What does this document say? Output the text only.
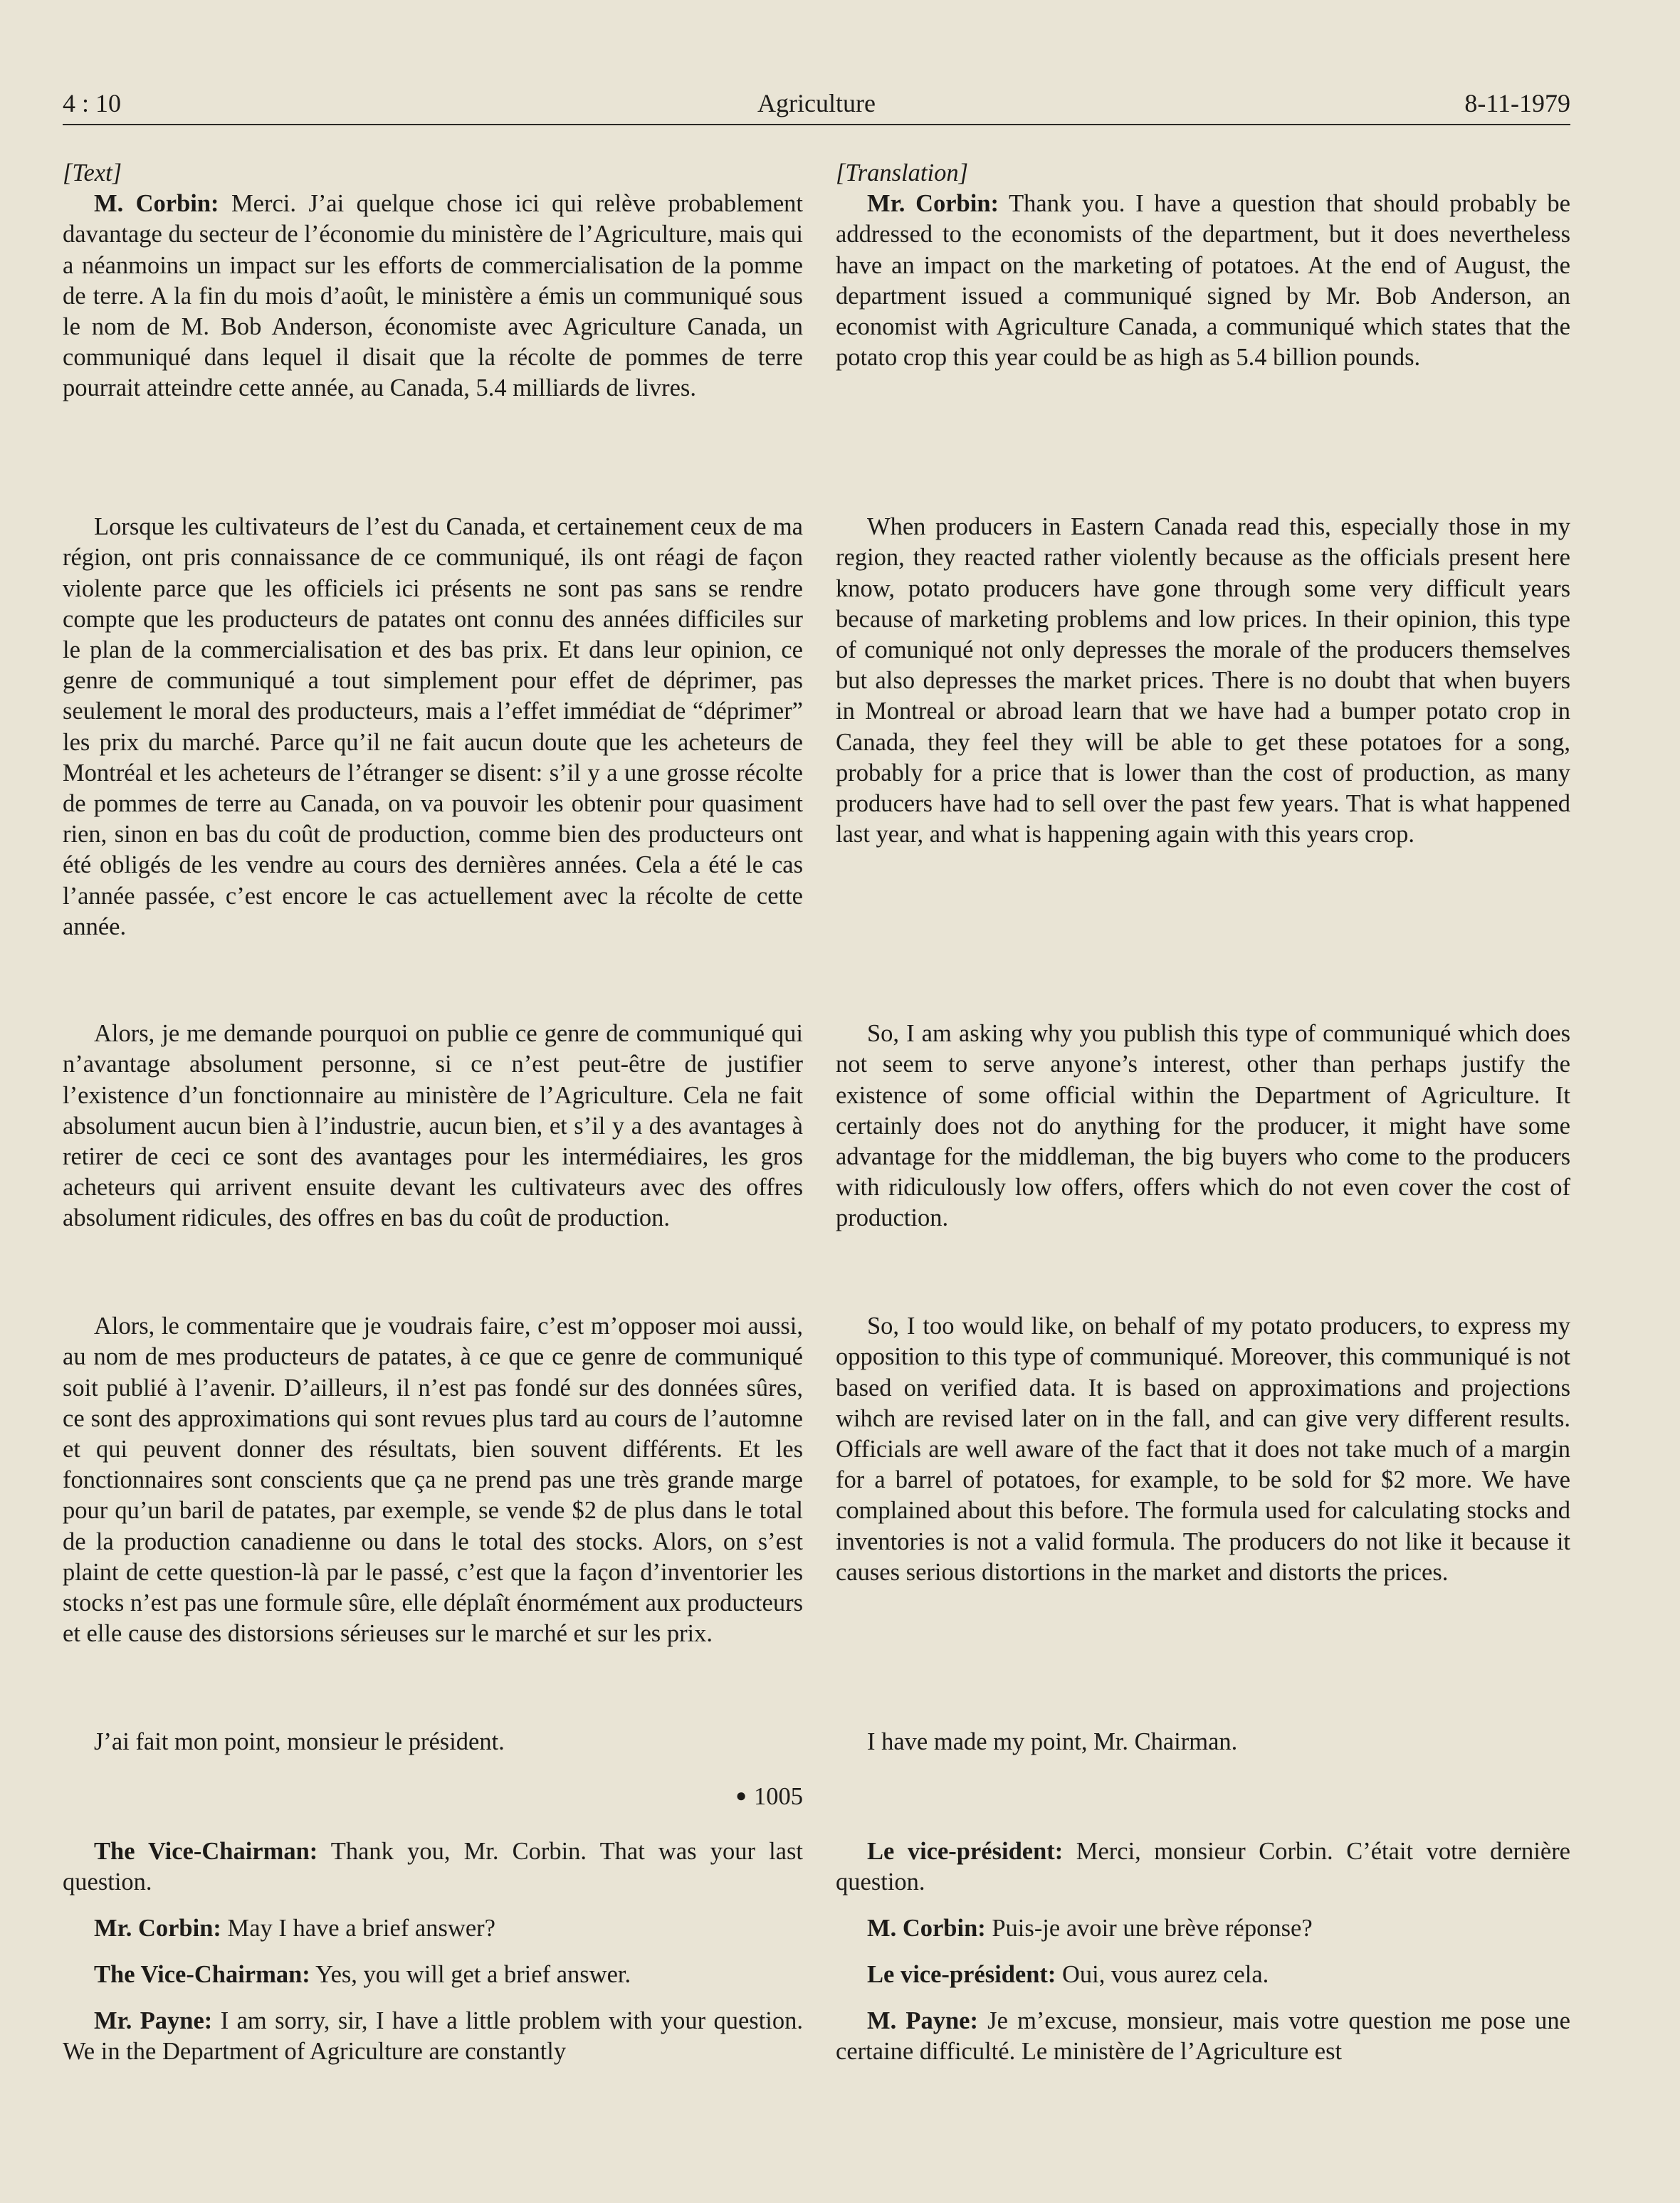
4 : 10	Agriculture	8-11-1979

[Text]

M. Corbin: Merci. J’ai quelque chose ici qui relève probablement davantage du secteur de l’économie du ministère de l’Agriculture, mais qui a néanmoins un impact sur les efforts de commercialisation de la pomme de terre. A la fin du mois d’août, le ministère a émis un communiqué sous le nom de M. Bob Anderson, économiste avec Agriculture Canada, un communiqué dans lequel il disait que la récolte de pommes de terre pourrait atteindre cette année, au Canada, 5.4 milliards de livres.

Lorsque les cultivateurs de l’est du Canada, et certainement ceux de ma région, ont pris connaissance de ce communiqué, ils ont réagi de façon violente parce que les officiels ici présents ne sont pas sans se rendre compte que les producteurs de patates ont connu des années difficiles sur le plan de la commercialisation et des bas prix. Et dans leur opinion, ce genre de communiqué a tout simplement pour effet de déprimer, pas seulement le moral des producteurs, mais a l’effet immédiat de “déprimer” les prix du marché. Parce qu’il ne fait aucun doute que les acheteurs de Montréal et les acheteurs de l’étranger se disent: s’il y a une grosse récolte de pommes de terre au Canada, on va pouvoir les obtenir pour quasiment rien, sinon en bas du coût de production, comme bien des producteurs ont été obligés de les vendre au cours des dernières années. Cela a été le cas l’année passée, c’est encore le cas actuellement avec la récolte de cette année.

Alors, je me demande pourquoi on publie ce genre de communiqué qui n’avantage absolument personne, si ce n’est peut-être de justifier l’existence d’un fonctionnaire au ministère de l’Agriculture. Cela ne fait absolument aucun bien à l’industrie, aucun bien, et s’il y a des avantages à retirer de ceci ce sont des avantages pour les intermédiaires, les gros acheteurs qui arrivent ensuite devant les cultivateurs avec des offres absolument ridicules, des offres en bas du coût de production.

Alors, le commentaire que je voudrais faire, c’est m’opposer moi aussi, au nom de mes producteurs de patates, à ce que ce genre de communiqué soit publié à l’avenir. D’ailleurs, il n’est pas fondé sur des données sûres, ce sont des approximations qui sont revues plus tard au cours de l’automne et qui peuvent donner des résultats, bien souvent différents. Et les fonctionnaires sont conscients que ça ne prend pas une très grande marge pour qu’un baril de patates, par exemple, se vende $2 de plus dans le total de la production canadienne ou dans le total des stocks. Alors, on s’est plaint de cette question-là par le passé, c’est que la façon d’inventorier les stocks n’est pas une formule sûre, elle déplaît énormément aux producteurs et elle cause des distorsions sérieuses sur le marché et sur les prix.

J’ai fait mon point, monsieur le président.

● 1005

The Vice-Chairman: Thank you, Mr. Corbin. That was your last question.

Mr. Corbin: May I have a brief answer?

The Vice-Chairman: Yes, you will get a brief answer.

Mr. Payne: I am sorry, sir, I have a little problem with your question. We in the Department of Agriculture are constantly

[Translation]

Mr. Corbin: Thank you. I have a question that should probably be addressed to the economists of the department, but it does nevertheless have an impact on the marketing of potatoes. At the end of August, the department issued a communiqué signed by Mr. Bob Anderson, an economist with Agriculture Canada, a communiqué which states that the potato crop this year could be as high as 5.4 billion pounds.

When producers in Eastern Canada read this, especially those in my region, they reacted rather violently because as the officials present here know, potato producers have gone through some very difficult years because of marketing problems and low prices. In their opinion, this type of comuniqué not only depresses the morale of the producers themselves but also depresses the market prices. There is no doubt that when buyers in Montreal or abroad learn that we have had a bumper potato crop in Canada, they feel they will be able to get these potatoes for a song, probably for a price that is lower than the cost of production, as many producers have had to sell over the past few years. That is what happened last year, and what is happening again with this years crop.

So, I am asking why you publish this type of communiqué which does not seem to serve anyone’s interest, other than perhaps justify the existence of some official within the Department of Agriculture. It certainly does not do anything for the producer, it might have some advantage for the middleman, the big buyers who come to the producers with ridiculously low offers, offers which do not even cover the cost of production.

So, I too would like, on behalf of my potato producers, to express my opposition to this type of communiqué. Moreover, this communiqué is not based on verified data. It is based on approximations and projections wihch are revised later on in the fall, and can give very different results. Officials are well aware of the fact that it does not take much of a margin for a barrel of potatoes, for example, to be sold for $2 more. We have complained about this before. The formula used for calculating stocks and inventories is not a valid formula. The producers do not like it because it causes serious distortions in the market and distorts the prices.

I have made my point, Mr. Chairman.

Le vice-président: Merci, monsieur Corbin. C’était votre dernière question.

M. Corbin: Puis-je avoir une brève réponse?

Le vice-président: Oui, vous aurez cela.

M. Payne: Je m’excuse, monsieur, mais votre question me pose une certaine difficulté. Le ministère de l’Agriculture est
